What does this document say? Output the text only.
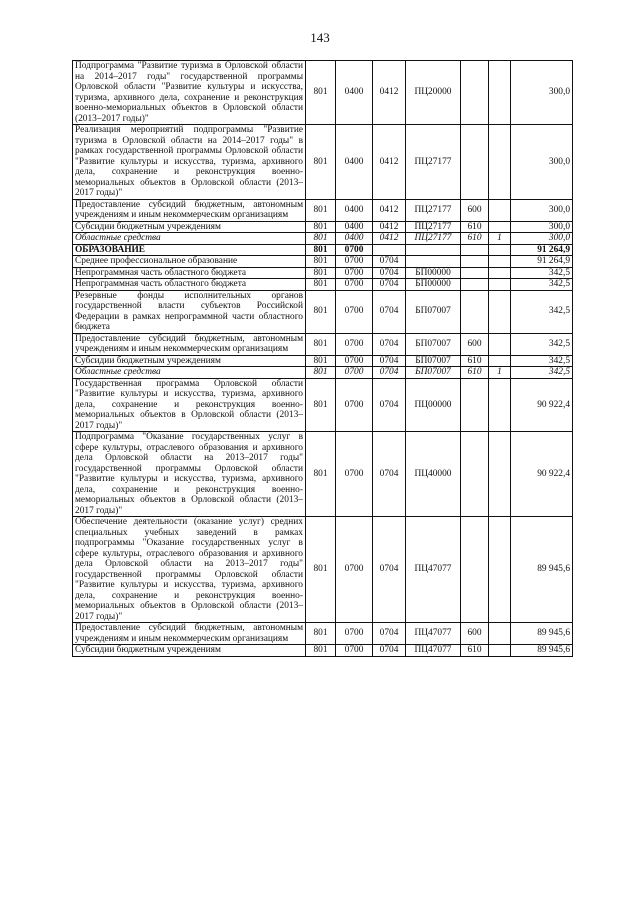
143
Подпрограмма "Развитие туризма в Орловской области на 2014–2017 годы" государственной программы Орловской области "Развитие культуры и искусства, туризма, архивного дела, сохранение и реконструкция военно-мемориальных объектов в Орловской области (2013–2017 годы)"	801	0400	0412	ПЦ20000			300,0
Реализация мероприятий подпрограммы "Развитие туризма в Орловской области на 2014–2017 годы" в рамках государственной программы Орловской области "Развитие культуры и искусства, туризма, архивного дела, сохранение и реконструкция военно-мемориальных объектов в Орловской области (2013–2017 годы)"	801	0400	0412	ПЦ27177			300,0
Предоставление субсидий бюджетным, автономным учреждениям и иным некоммерческим организациям	801	0400	0412	ПЦ27177	600		300,0
Субсидии бюджетным учреждениям	801	0400	0412	ПЦ27177	610		300,0
Областные средства	801	0400	0412	ПЦ27177	610	1	300,0
ОБРАЗОВАНИЕ	801	0700					91 264,9
Среднее профессиональное образование	801	0700	0704				91 264,9
Непрограммная часть областного бюджета	801	0700	0704	БП00000			342,5
Непрограммная часть областного бюджета	801	0700	0704	БП00000			342,5
Резервные фонды исполнительных органов государственной власти субъектов Российской Федерации в рамках непрограммной части областного бюджета	801	0700	0704	БП07007			342,5
Предоставление субсидий бюджетным, автономным учреждениям и иным некоммерческим организациям	801	0700	0704	БП07007	600		342,5
Субсидии бюджетным учреждениям	801	0700	0704	БП07007	610		342,5
Областные средства	801	0700	0704	БП07007	610	1	342,5
Государственная программа Орловской области "Развитие культуры и искусства, туризма, архивного дела, сохранение и реконструкция военно-мемориальных объектов в Орловской области (2013–2017 годы)"	801	0700	0704	ПЦ00000			90 922,4
Подпрограмма "Оказание государственных услуг в сфере культуры, отраслевого образования и архивного дела Орловской области на 2013–2017 годы" государственной программы Орловской области "Развитие культуры и искусства, туризма, архивного дела, сохранение и реконструкция военно-мемориальных объектов в Орловской области (2013–2017 годы)"	801	0700	0704	ПЦ40000			90 922,4
Обеспечение деятельности (оказание услуг) средних специальных учебных заведений в рамках подпрограммы "Оказание государственных услуг в сфере культуры, отраслевого образования и архивного дела Орловской области на 2013–2017 годы" государственной программы Орловской области "Развитие культуры и искусства, туризма, архивного дела, сохранение и реконструкция военно-мемориальных объектов в Орловской области (2013–2017 годы)"	801	0700	0704	ПЦ47077			89 945,6
Предоставление субсидий бюджетным, автономным учреждениям и иным некоммерческим организациям	801	0700	0704	ПЦ47077	600		89 945,6
Субсидии бюджетным учреждениям	801	0700	0704	ПЦ47077	610		89 945,6
